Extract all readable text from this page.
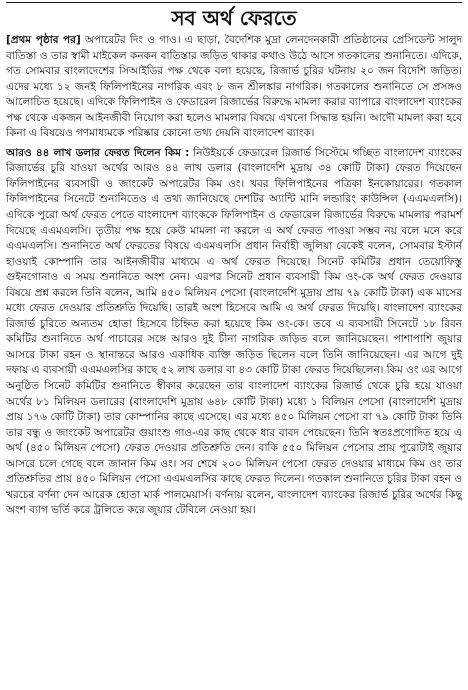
সব অর্থ ফেরতে

[প্রথম পৃষ্ঠার পর] অপারেটর দিং ও গাও। এ ছাড়া, বৈদেশিক মুদ্রা লেনদেনকারী প্রতিষ্ঠানের প্রেসিডেন্ট সালুদ বাতিস্তা ও তার স্বামী মাইকেল কনকন বাতিস্তার জড়িত থাকার কথাও উঠে আসে গতকালের শুনানিতে। এদিকে, গত সোমবার বাংলাদেশের সিআইডির পক্ষ থেকে বলা হয়েছে, রিজার্ভ চুরির ঘটনায় ২০ জন বিদেশি জড়িত। এদের মধ্যে ১২ জনই ফিলিপাইনের নাগরিক এবং ৮ জন শ্রীলঙ্কার নাগরিক। গতকালের শুনানিতে সে প্রসঙ্গও আলোচিত হয়েছে। এদিকে ফিলিপাইন ও ফেডারেল রিজার্ভের বিরুদ্ধে মামলা করার ব্যাপারে বাংলাদেশ ব্যাংকের পক্ষ থেকে একজন আইনজীবী নিয়োগ করা হলেও মামলার বিষয়ে এখনো সিদ্ধান্ত হয়নি। আদৌ মামলা করা হবে কিনা এ বিষয়েও গণমাধ্যমকে পরিষ্কার কোনো তথ্য দেয়নি বাংলাদেশ ব্যাংক।

আরও ৪৪ লাখ ডলার ফেরত দিলেন কিম : নিউইয়র্কে ফেডারেল রিজার্ভ সিস্টেমে গচ্ছিত বাংলাদেশ ব্যাংকের রিজার্ভের চুরি যাওয়া অর্থের আরও ৪৪ লাখ ডলার (বাংলাদেশি মুদ্রায় ৩৪ কোটি টাকা) ফেরত দিয়েছেন ফিলিপাইনের ব্যবসায়ী ও জাংকেট অপারেটর কিম ওং। খবর ফিলিপাইনের পত্রিকা ইনকোয়ারের। গতকাল ফিলিপাইনের সিনেটে শুনানিতেও এ তথ্য জানিয়েছে দেশটির অ্যান্টি মানি লন্ডারিং কাউন্সিল (এএমএলসি)। এদিকে পুরো অর্থ ফেরত পেতে বাংলাদেশ ব্যাংককে ফিলিপাইন ও ফেডারেল রিজার্ভের বিরুদ্ধে মামলার পরামর্শ দিয়েছে এএমএলসি। তৃতীয় পক্ষ হয়ে কেউ মামলা না করলে এ অর্থ ফেরত পাওয়া সম্ভব নয় বলে মনে করে এএমএলসি। শুনানিতে অর্থ ফেরতের বিষয়ে এএমএলসি প্রধান নির্বাহী জুলিয়া বেকেই বলেন, সোমবার ইস্টার্ন হাওয়াই কোম্পানি তার আইনজীবীর মাধ্যমে এ অর্থ ফেরত দিয়েছে। সিনেট কমিটির প্রধান তেয়োফিস্তু গুইনগোনাও এ সময় শুনানিতে অংশ নেন। এরপর সিনেট প্রধান ব্যবসায়ী কিম ওং-কে অর্থ ফেরত দেওয়ার বিষয়ে প্রশ্ন করলে তিনি বলেন, আমি ৪৫০ মিলিয়ন পেসো (বাংলাদেশি মুদ্রায় প্রায় ৭৯ কোটি টাকা) এক মাসের মধ্যে ফেরত দেওয়ার প্রতিশ্রুতি দিয়েছি। তারই অংশ হিসেবে আমি এ অর্থ ফেরত দিয়েছি। বাংলাদেশ ব্যাংকের রিজার্ভ চুরিতে অন্যতম হোতা হিসেবে চিহ্নিত করা হয়েছে কিম ওং-কে। তবে এ ব্যবসায়ী সিনেটে ১৮ রিবন কমিটির শুনানিতে অর্থ পাচারের সঙ্গে আরও দুই চীনা নাগরিক জড়িত বলে জানিয়েছেন। পাশাপাশি জুয়ার আসরে টাকা বহন ও স্থানান্তরে আরও একাধিক ব্যক্তি জড়িত ছিলেন বলে তিনি জানিয়েছেন। এর আগে দুই দফায় এ ব্যবসায়ী এএমএলসির কাছে ৫২ লাখ ডলার বা ৪৩ কোটি টাকা ফেরত দিয়েছিলেন। কিম ওং এর আগে অনুষ্ঠিত সিনেট কমিটির শুনানিতে স্বীকার করেছেন তার বাংলাদেশ ব্যাংকের রিজার্ভ থেকে চুরি হয়ে যাওয়া অর্থের ৮১ মিলিয়ন ডলারের (বাংলাদেশি মুদ্রায় ৬৪৮ কোটি টাকা) মধ্যে ১ বিলিয়ন পেসো (বাংলাদেশি মুদ্রায় প্রায় ১৭৬ কোটি টাকা) তার কোম্পানির কাছে এসেছে। এর মধ্যে ৪৫০ মিলিয়ন পেসো বা ৭৯ কোটি টাকা তিনি তার বন্ধু ও জাংকেট অপারেটর গুয়াংশু গাও-এর কাছ থেকে ধার বাবদ পেয়েছেন। তিনি স্বতঃপ্রণোদিত হয়ে এ অর্থ (৪৫০ মিলিয়ন পেসো) ফেরত দেওয়ার প্রতিশ্রুতি দেন। বাকি ৫৫০ মিলিয়ন পেসোর প্রায় পুরোটাই জুয়ার আসরে চলে গেছে বলে জানান কিম ওং। সব শেষে ২০০ মিলিয়ন পেসো ফেরত দেওয়ার মাধ্যমে কিম ওং তার প্রতিশ্রুতির প্রায় ৪৫০ মিলিয়ন পেসো এএমএলসির কাছে ফেরত দিলেন। গতকাল শুনানিতে চুরির টাকা বহন ও খরচের বর্ণনা দেন আরেক হোতা মার্ক পালমেয়ার্স। বর্ণনায় বলেন, বাংলাদেশ ব্যাংকের রিজার্ভ চুরির অর্থের কিছু অংশ ব্যাগ ভর্তি করে ট্রলিতে করে জুয়ার টেবিলে নেওয়া হয়।
